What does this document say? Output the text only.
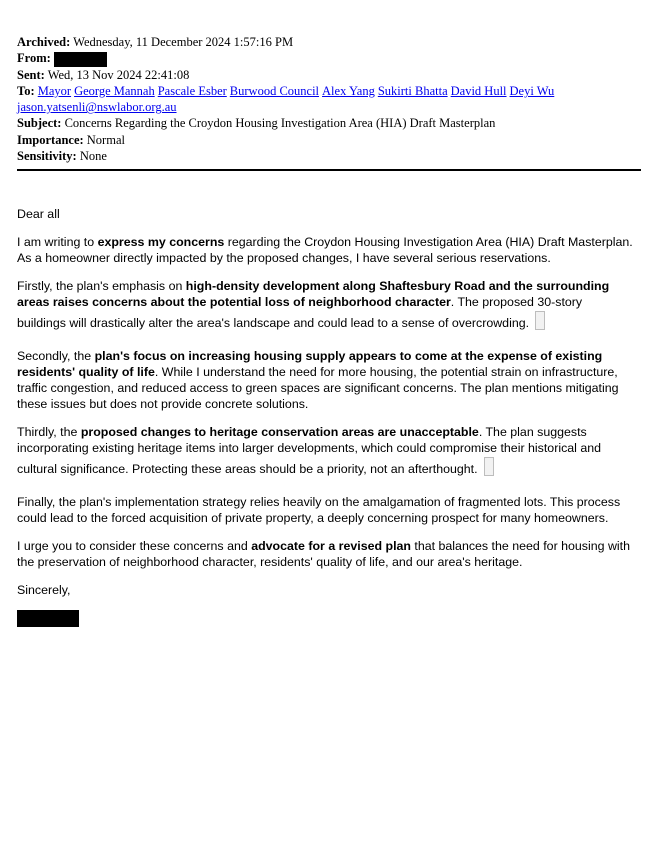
Archived: Wednesday, 11 December 2024 1:57:16 PM
From:
Sent: Wed, 13 Nov 2024 22:41:08
To: Mayor George Mannah Pascale Esber Burwood Council Alex Yang Sukirti Bhatta David Hull Deyi Wu
jason.yatsenli@nswlabor.org.au
Subject: Concerns Regarding the Croydon Housing Investigation Area (HIA) Draft Masterplan
Importance: Normal
Sensitivity: None

Dear all

I am writing to express my concerns regarding the Croydon Housing Investigation Area (HIA) Draft Masterplan. As a homeowner directly impacted by the proposed changes, I have several serious reservations.

Firstly, the plan's emphasis on high-density development along Shaftesbury Road and the surrounding areas raises concerns about the potential loss of neighborhood character. The proposed 30-story
buildings will drastically alter the area's landscape and could lead to a sense of overcrowding.

Secondly, the plan's focus on increasing housing supply appears to come at the expense of existing residents' quality of life. While I understand the need for more housing, the potential strain on infrastructure, traffic congestion, and reduced access to green spaces are significant concerns. The plan mentions mitigating these issues but does not provide concrete solutions.

Thirdly, the proposed changes to heritage conservation areas are unacceptable. The plan suggests incorporating existing heritage items into larger developments, which could compromise their historical and
cultural significance. Protecting these areas should be a priority, not an afterthought.

Finally, the plan's implementation strategy relies heavily on the amalgamation of fragmented lots. This process could lead to the forced acquisition of private property, a deeply concerning prospect for many homeowners.

I urge you to consider these concerns and advocate for a revised plan that balances the need for housing with the preservation of neighborhood character, residents' quality of life, and our area's heritage.

Sincerely,
